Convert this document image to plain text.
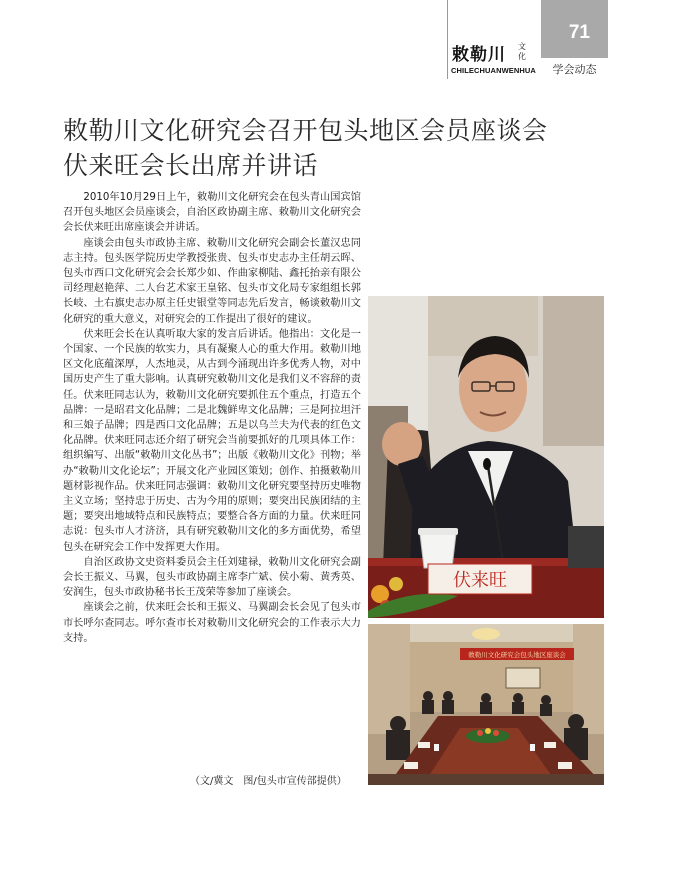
敕勒川 文化
CHILECHUANWENHUA
71
学会动态
敕勒川文化研究会召开包头地区会员座谈会
伏来旺会长出席并讲话

2010年10月29日上午，敕勒川文化研究会在包头青山国宾馆召开包头地区会员座谈会，自治区政协副主席、敕勒川文化研究会会长伏来旺出席座谈会并讲话。

座谈会由包头市政协主席、敕勒川文化研究会副会长董汉忠同志主持。包头医学院历史学教授张贵、包头市史志办主任胡云晖、包头市西口文化研究会会长郑少如、作曲家柳陆、鑫托抬亲有限公司经理赵艳萍、二人台艺术家王皇铭、包头市文化局专家组组长郭长岐、土右旗史志办原主任史银堂等同志先后发言，畅谈敕勒川文化研究的重大意义，对研究会的工作提出了很好的建议。

伏来旺会长在认真听取大家的发言后讲话。他指出：文化是一个国家、一个民族的软实力，具有凝聚人心的重大作用。敕勒川地区文化底蕴深厚，人杰地灵，从古到今涌现出许多优秀人物，对中国历史产生了重大影响。认真研究敕勒川文化是我们义不容辞的责任。伏来旺同志认为，敕勒川文化研究要抓住五个重点，打造五个品牌：一是昭君文化品牌；二是北魏鲜卑文化品牌；三是阿拉坦汗和三娘子品牌；四是西口文化品牌；五是以乌兰夫为代表的红色文化品牌。伏来旺同志还介绍了研究会当前要抓好的几项具体工作：组织编写、出版“敕勒川文化丛书”；出版《敕勒川文化》刊物；举办“敕勒川文化论坛”；开展文化产业园区策划；创作、拍摄敕勒川题材影视作品。伏来旺同志强调：敕勒川文化研究要坚持历史唯物主义立场；坚持忠于历史、古为今用的原则；要突出民族团结的主题；要突出地域特点和民族特点；要整合各方面的力量。伏来旺同志说：包头市人才济济，具有研究敕勒川文化的多方面优势，希望包头在研究会工作中发挥更大作用。

自治区政协文史资料委员会主任刘建禄，敕勒川文化研究会副会长王振义、马翼，包头市政协副主席李广斌、侯小菊、黄秀英、安润生，包头市政协秘书长王茂荣等参加了座谈会。

座谈会之前，伏来旺会长和王振义、马翼副会长会见了包头市市长呼尔查同志。呼尔查市长对敕勒川文化研究会的工作表示大力支持。

（文/冀文　图/包头市宣传部提供）
伏来旺
敕勒川文化研究会包头地区座谈会
